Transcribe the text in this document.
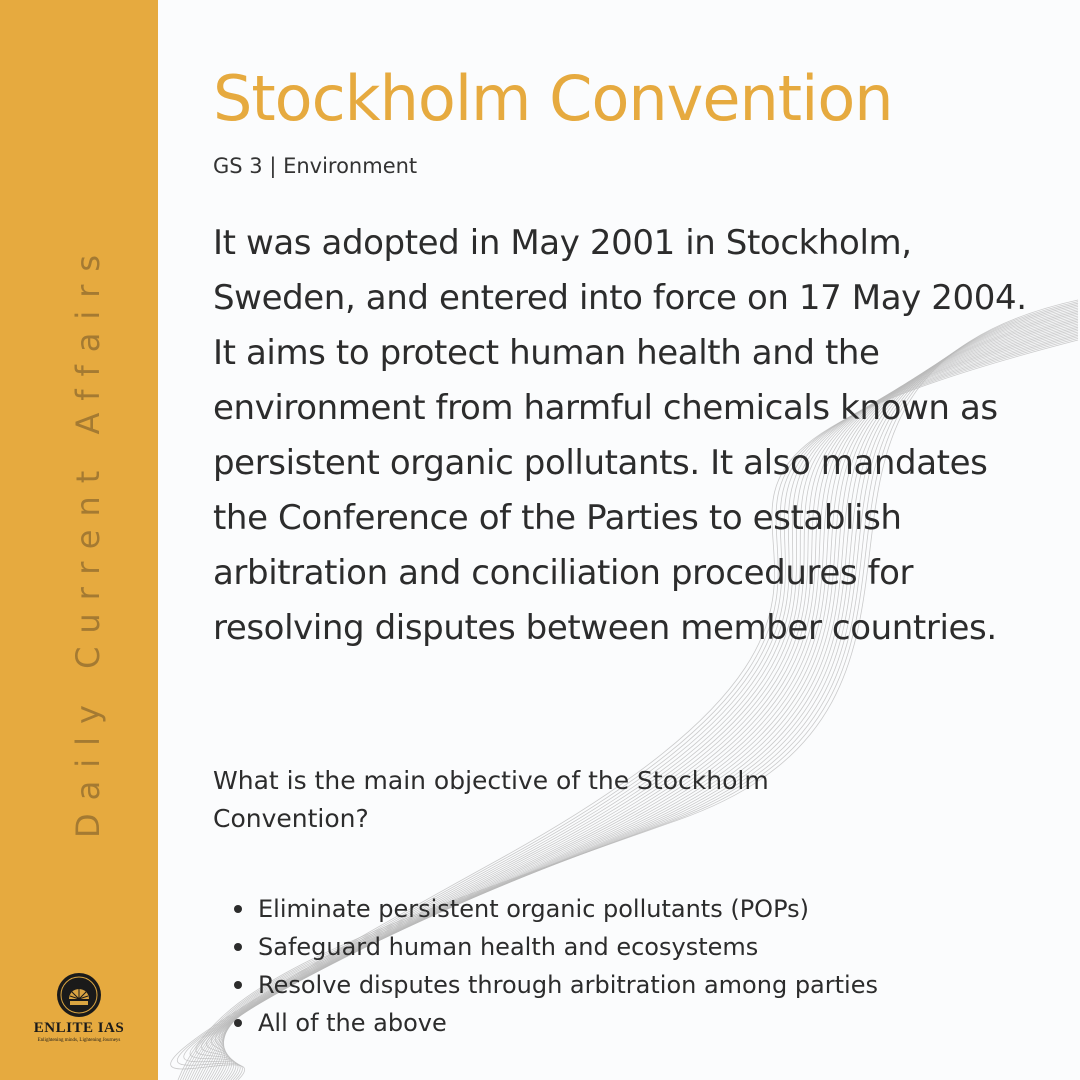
Daily Current Affairs
ENLITE IAS
Enlightening minds, Lightening Journeys
Stockholm Convention
GS 3 | Environment
It was adopted in May 2001 in Stockholm, Sweden, and entered into force on 17 May 2004. It aims to protect human health and the environment from harmful chemicals known as persistent organic pollutants. It also mandates the Conference of the Parties to establish arbitration and conciliation procedures for resolving disputes between member countries.
What is the main objective of the Stockholm Convention?
Eliminate persistent organic pollutants (POPs)
Safeguard human health and ecosystems
Resolve disputes through arbitration among parties
All of the above
